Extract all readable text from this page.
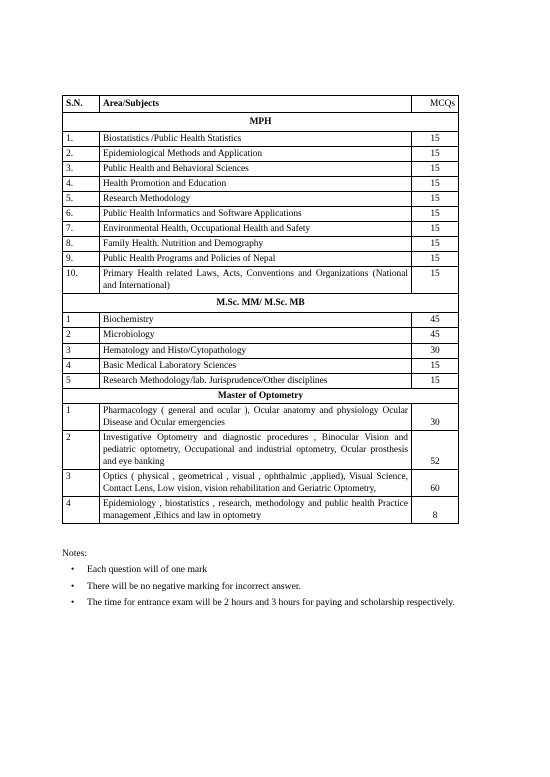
S.N.	Area/Subjects	MCQs
MPH		
1.	Biostatistics /Public Health Statistics	15
2.	Epidemiological Methods and Application	15
3.	Public Health and Behavioral Sciences	15
4.	Health Promotion and Education	15
5.	Research Methodology	15
6.	Public Health Informatics and Software Applications	15
7.	Environmental Health, Occupational Health and Safety	15
8.	Family Health. Nutrition and Demography	15
9.	Public Health Programs and Policies of Nepal	15
10.	Primary Health related Laws, Acts, Conventions and Organizations (National and International)	15
M.Sc. MM/ M.Sc. MB		
1	Biochemistry	45
2	Microbiology	45
3	Hematology and Histo/Cytopathology	30
4	Basic Medical Laboratory Sciences	15
5	Research Methodology/lab. Jurisprudence/Other disciplines	15
Master of Optometry		
1	Pharmacology ( general and ocular ), Ocular anatomy and physiology Ocular Disease and Ocular emergencies	30
2	Investigative Optometry and diagnostic procedures , Binocular Vision and pediatric optometry, Occupational and industrial optometry, Ocular prosthesis and eye banking	52
3	Optics ( physical , geometrical , visual , ophthalmic ,applied), Visual Science, Contact Lens, Low vision, vision rehabilitation and Geriatric Optometry,	60
4	Epidemiology , biostatistics , research, methodology and public health Practice management ,Ethics and law in optometry	8
Notes:
• Each question will of one mark
• There will be no negative marking for incorrect answer.
• The time for entrance exam will be 2 hours and 3 hours for paying and scholarship respectively.
